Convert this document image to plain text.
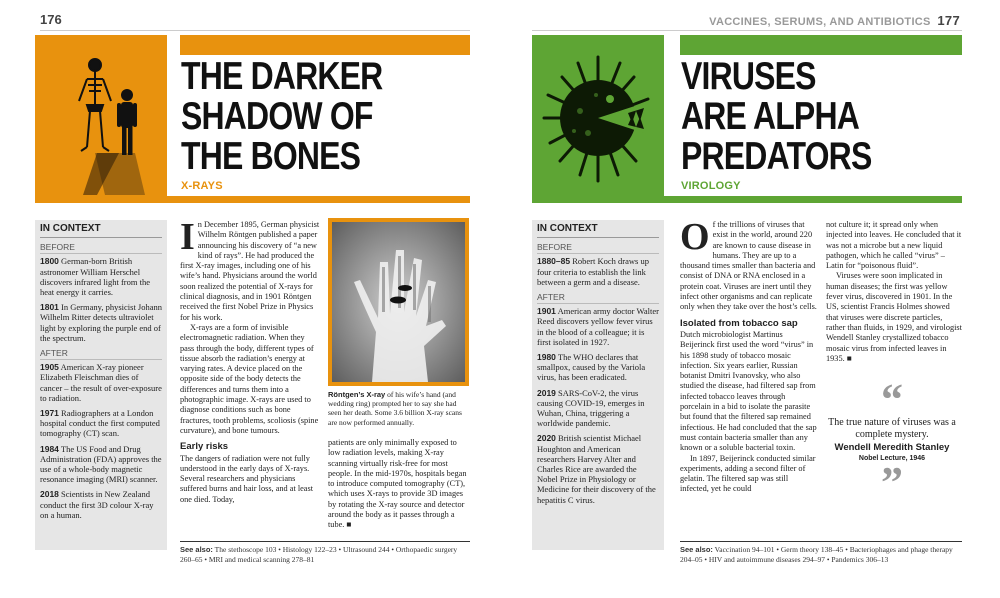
176
THE DARKER
SHADOW OF
THE BONES
X-RAYS
IN CONTEXT
BEFORE
1800 German-born British astronomer William Herschel discovers infrared light from the heat energy it carries.
1801 In Germany, physicist Johann Wilhelm Ritter detects ultraviolet light by exploring the purple end of the spectrum.
AFTER
1905 American X-ray pioneer Elizabeth Fleischman dies of cancer – the result of over-exposure to radiation.
1971 Radiographers at a London hospital conduct the first computed tomography (CT) scan.
1984 The US Food and Drug Administration (FDA) approves the use of a whole-body magnetic resonance imaging (MRI) scanner.
2018 Scientists in New Zealand conduct the first 3D colour X-ray on a human.

In December 1895, German physicist Wilhelm Röntgen published a paper announcing his discovery of “a new kind of rays”. He had produced the first X-ray images, including one of his wife’s hand. Physicians around the world soon realized the potential of X-rays for clinical diagnosis, and in 1901 Röntgen received the first Nobel Prize in Physics for his work.

X-rays are a form of invisible electromagnetic radiation. When they pass through the body, different types of tissue absorb the radiation’s energy at varying rates. A device placed on the opposite side of the body detects the differences and turns them into a photographic image. X-rays are used to diagnose conditions such as bone fractures, tooth problems, scoliosis (spine curvature), and bone tumours.

Early risks

The dangers of radiation were not fully understood in the early days of X-rays. Several researchers and physicians suffered burns and hair loss, and at least one died. Today,

Röntgen’s X-ray of his wife’s hand (and wedding ring) prompted her to say she had seen her death. Some 3.6 billion X-ray scans are now performed annually.

patients are only minimally exposed to low radiation levels, making X-ray scanning virtually risk-free for most people. In the mid-1970s, hospitals began to introduce computed tomography (CT), which uses X-rays to provide 3D images by rotating the X-ray source and detector around the body as it passes through a tube. ■

See also: The stethoscope 103 • Histology 122–23 • Ultrasound 244 • Orthopaedic surgery 260–65 • MRI and medical scanning 278–81
VACCINES, SERUMS, AND ANTIBIOTICS 177
VIRUSES
ARE ALPHA
PREDATORS
VIROLOGY
IN CONTEXT
BEFORE
1880–85 Robert Koch draws up four criteria to establish the link between a germ and a disease.
AFTER
1901 American army doctor Walter Reed discovers yellow fever virus in the blood of a colleague; it is first isolated in 1927.
1980 The WHO declares that smallpox, caused by the Variola virus, has been eradicated.
2019 SARS-CoV-2, the virus causing COVID-19, emerges in Wuhan, China, triggering a worldwide pandemic.
2020 British scientist Michael Houghton and American researchers Harvey Alter and Charles Rice are awarded the Nobel Prize in Physiology or Medicine for their discovery of the hepatitis C virus.

Of the trillions of viruses that exist in the world, around 220 are known to cause disease in humans. They are up to a thousand times smaller than bacteria and consist of DNA or RNA enclosed in a protein coat. Viruses are inert until they infect other organisms and can replicate only when they take over the host’s cells.

Isolated from tobacco sap

Dutch microbiologist Martinus Beijerinck first used the word “virus” in his 1898 study of tobacco mosaic infection. Six years earlier, Russian botanist Dmitri Ivanovsky, who also studied the disease, had filtered sap from infected tobacco leaves through porcelain in a bid to isolate the parasite but found that the filtered sap remained infectious. He had concluded that the sap must contain bacteria smaller than any known or a soluble bacterial toxin.

In 1897, Beijerinck conducted similar experiments, adding a second filter of gelatin. The filtered sap was still infected, yet he could

not culture it; it spread only when injected into leaves. He concluded that it was not a microbe but a new liquid pathogen, which he called “virus” – Latin for “poisonous fluid”.

Viruses were soon implicated in human diseases; the first was yellow fever virus, discovered in 1901. In the US, scientist Francis Holmes showed that viruses were discrete particles, rather than fluids, in 1929, and virologist Wendell Stanley crystallized tobacco mosaic virus from infected leaves in 1935. ■

“
The true nature of viruses was a complete mystery.
Wendell Meredith Stanley
Nobel Lecture, 1946
”
See also: Vaccination 94–101 • Germ theory 138–45 • Bacteriophages and phage therapy 204–05 • HIV and autoimmune diseases 294–97 • Pandemics 306–13
